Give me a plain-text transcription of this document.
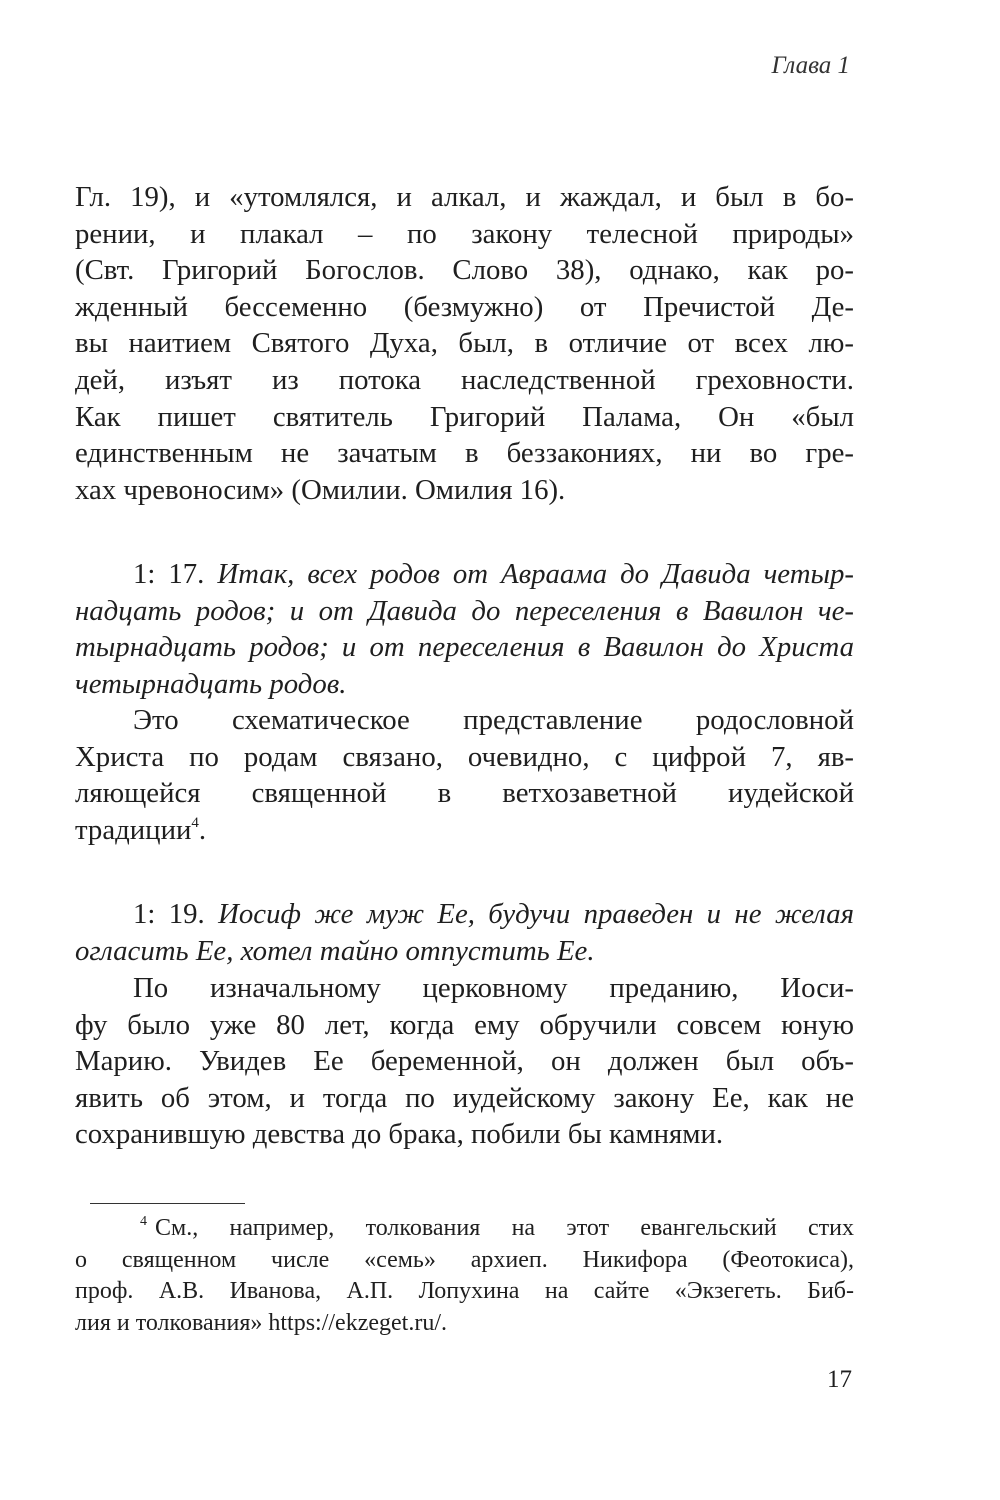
Глава 1
Гл. 19), и «утомлялся, и алкал, и жаждал, и был в бо-
рении, и плакал – по закону телесной природы»
(Свт. Григорий Богослов. Слово 38), однако, как ро-
жденный бессеменно (безмужно) от Пречистой Де-
вы наитием Святого Духа, был, в отличие от всех лю-
дей, изъят из потока наследственной греховности.
Как пишет святитель Григорий Палама, Он «был
единственным не зачатым в беззакониях, ни во гре-
хах чревоносим» (Омилии. Омилия 16).
1: 17. Итак, всех родов от Авраама до Давида четыр-
надцать родов; и от Давида до переселения в Вавилон че-
тырнадцать родов; и от переселения в Вавилон до Христа
четырнадцать родов.
Это схематическое представление родословной
Христа по родам связано, очевидно, с цифрой 7, яв-
ляющейся священной в ветхозаветной иудейской
традиции$^4$.
1: 19. Иосиф же муж Ее, будучи праведен и не желая
огласить Ее, хотел тайно отпустить Ее.
По изначальному церковному преданию, Иоси-
фу было уже 80 лет, когда ему обручили совсем юную
Марию. Увидев Ее беременной, он должен был объ-
явить об этом, и тогда по иудейскому закону Ее, как не
сохранившую девства до брака, побили бы камнями.
$^4$ См., например, толкования на этот евангельский стих
о священном числе «семь» архиеп. Никифора (Феотокиса),
проф. А.В. Иванова, А.П. Лопухина на сайте «Экзегеть. Биб-
лия и толкования» https://ekzeget.ru/.
17
